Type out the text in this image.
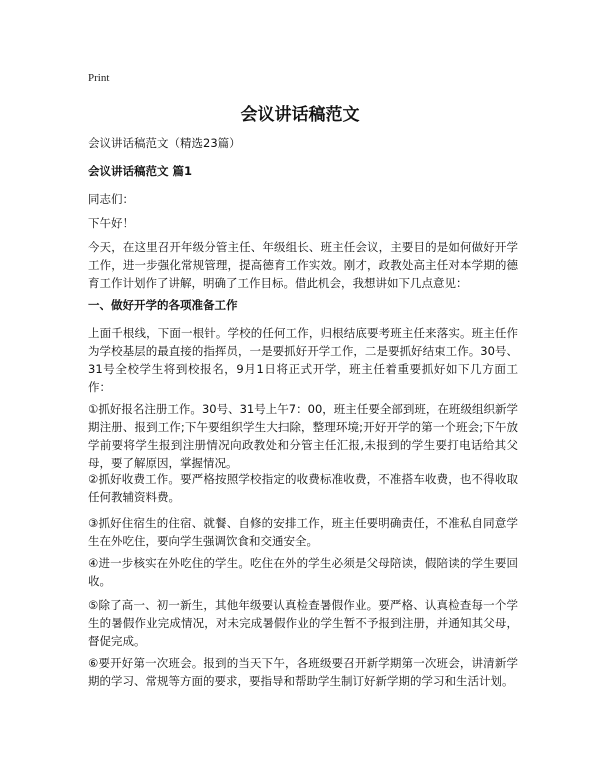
Print
会议讲话稿范文

会议讲话稿范文（精选23篇）

会议讲话稿范文 篇1

同志们：

下午好！

今天，在这里召开年级分管主任、年级组长、班主任会议，主要目的是如何做好开学工作，进一步强化常规管理，提高德育工作实效。刚才，政教处高主任对本学期的德育工作计划作了讲解，明确了工作目标。借此机会，我想讲如下几点意见：

一、做好开学的各项准备工作

上面千根线，下面一根针。学校的任何工作，归根结底要考班主任来落实。班主任作为学校基层的最直接的指挥员，一是要抓好开学工作，二是要抓好结束工作。30号、31号全校学生将到校报名，9月1日将正式开学，班主任着重要抓好如下几方面工作：

①抓好报名注册工作。30号、31号上午7：00，班主任要全部到班，在班级组织新学期注册、报到工作;下午要组织学生大扫除，整理环境;开好开学的第一个班会;下午放学前要将学生报到注册情况向政教处和分管主任汇报,未报到的学生要打电话给其父母，要了解原因，掌握情况。

②抓好收费工作。要严格按照学校指定的收费标准收费，不准搭车收费，也不得收取任何教辅资料费。

③抓好住宿生的住宿、就餐、自修的安排工作，班主任要明确责任，不准私自同意学生在外吃住，要向学生强调饮食和交通安全。

④进一步核实在外吃住的学生。吃住在外的学生必须是父母陪读，假陪读的学生要回收。

⑤除了高一、初一新生，其他年级要认真检查暑假作业。要严格、认真检查每一个学生的暑假作业完成情况，对未完成暑假作业的学生暂不予报到注册，并通知其父母，督促完成。

⑥要开好第一次班会。报到的当天下午，各班级要召开新学期第一次班会，讲清新学期的学习、常规等方面的要求，要指导和帮助学生制订好新学期的学习和生活计划。
